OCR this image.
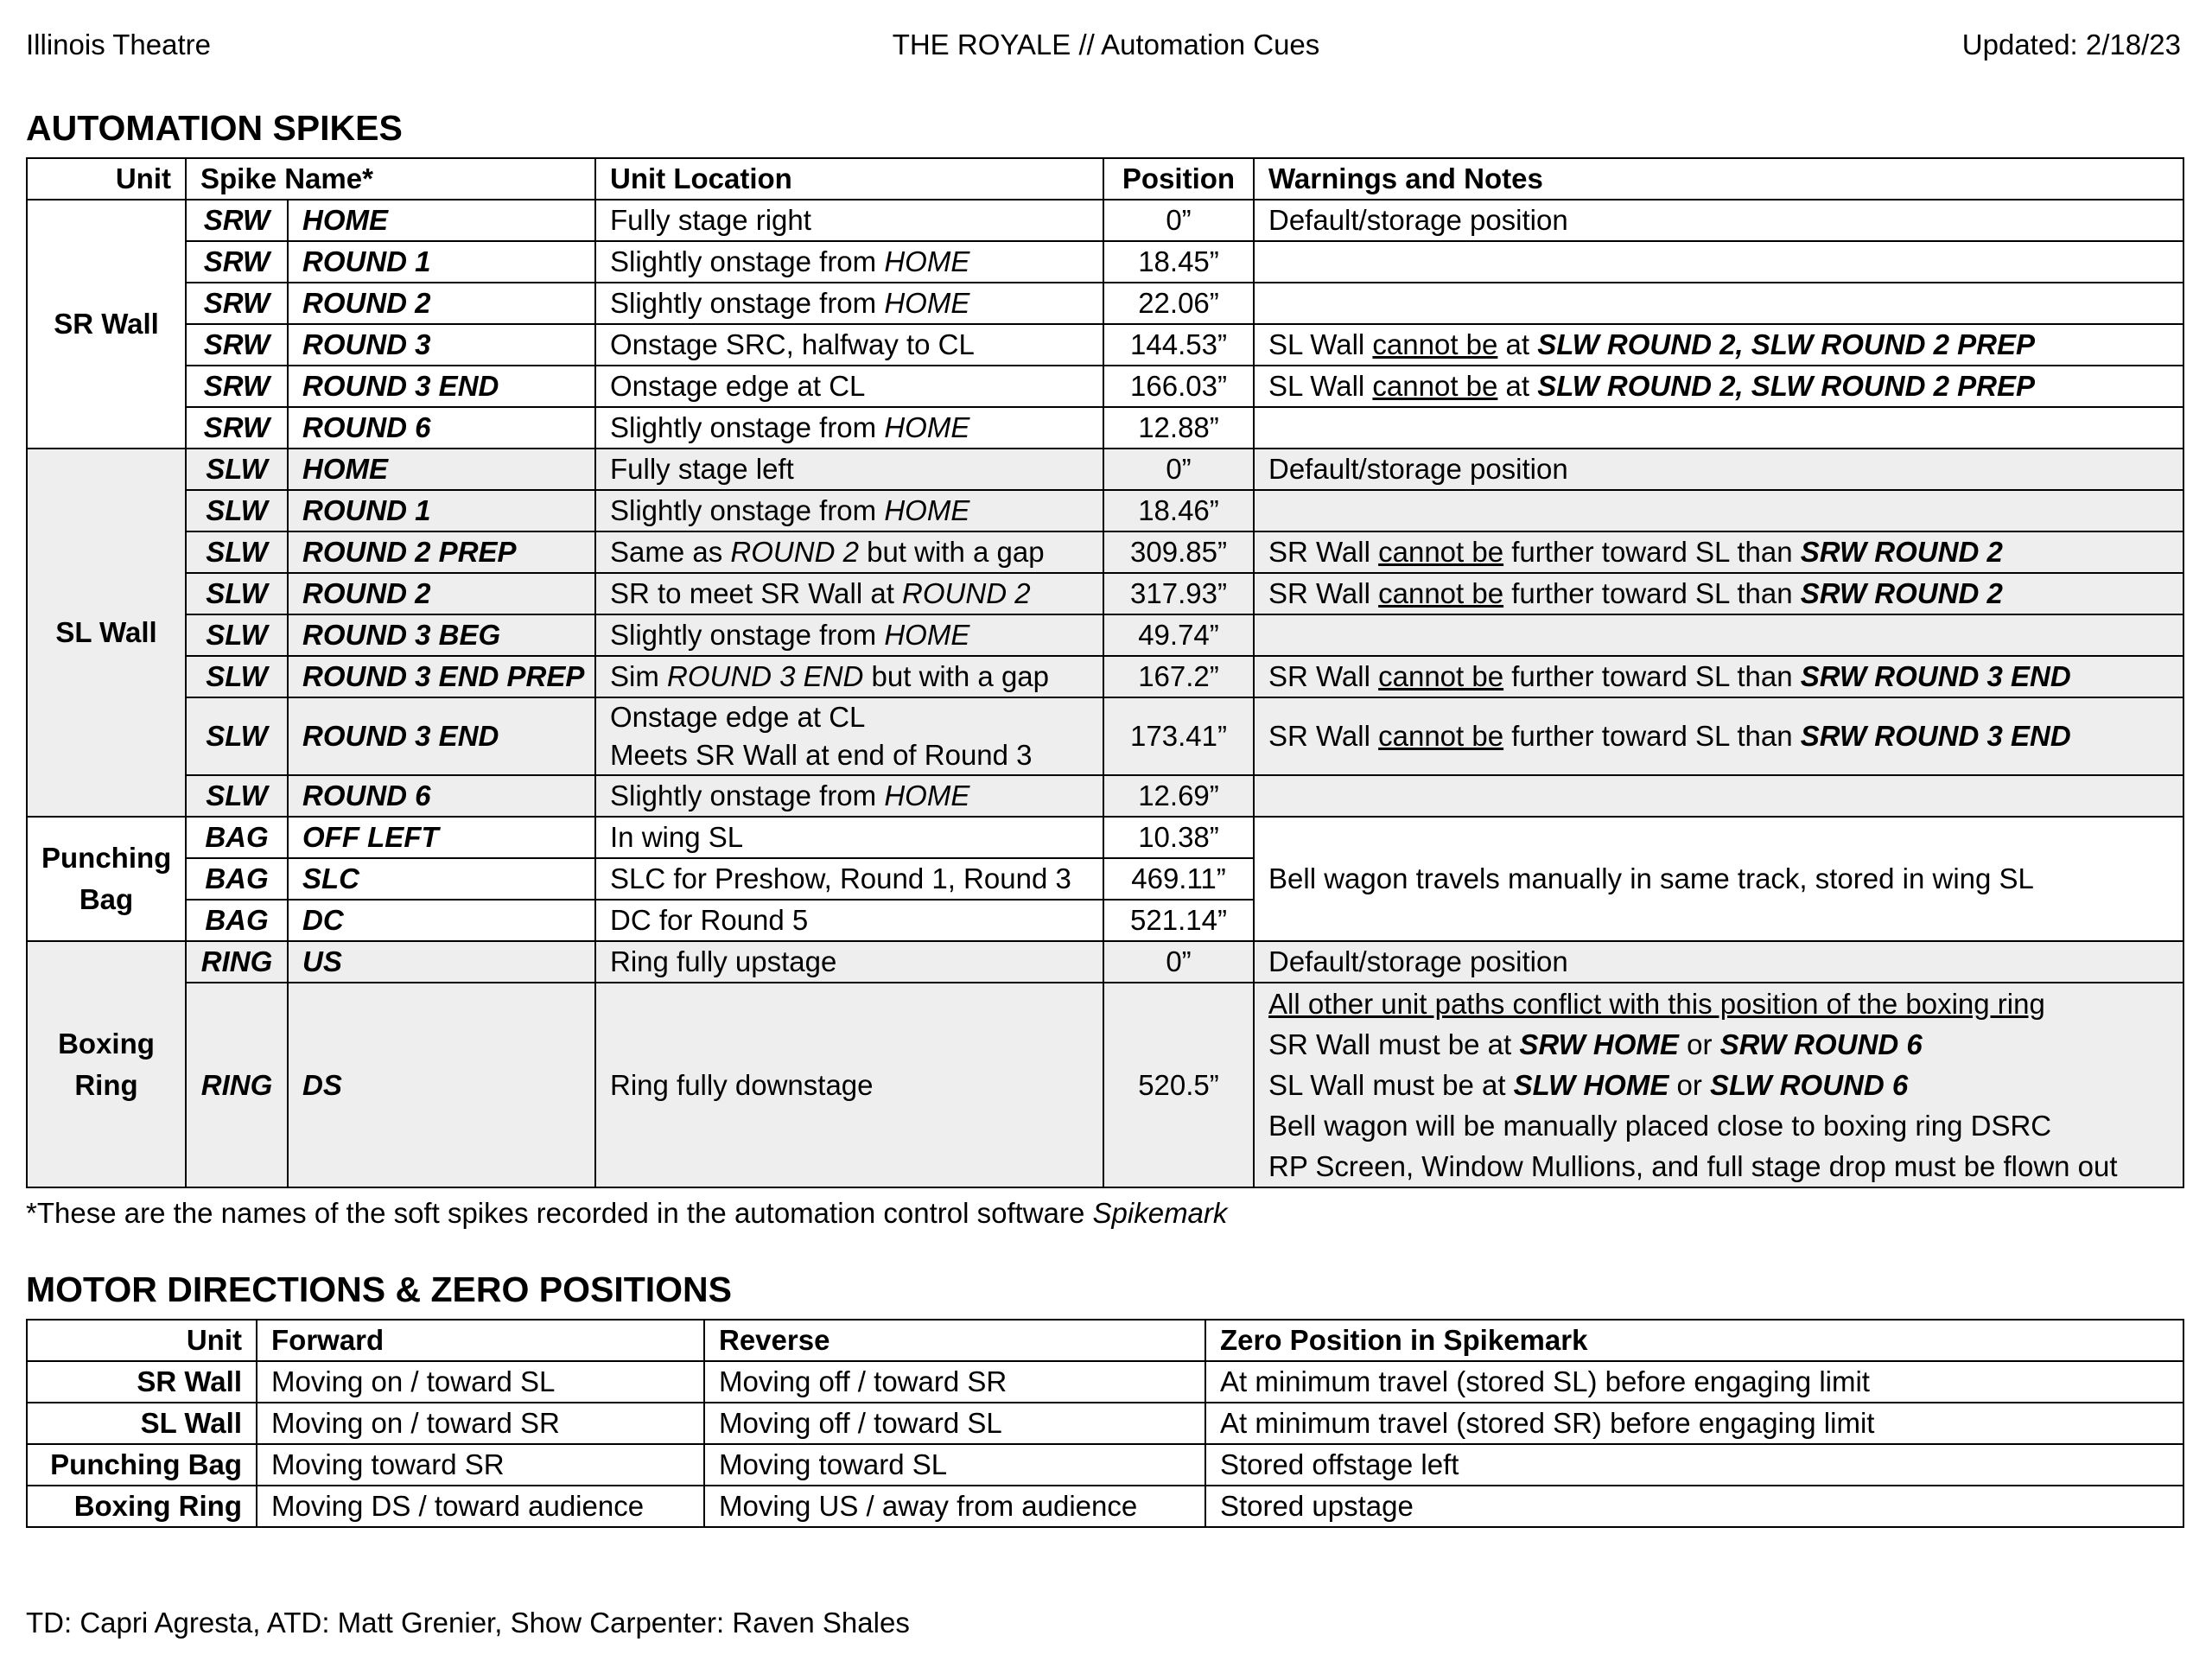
Illinois Theatre	THE ROYALE // Automation Cues	Updated: 2/18/23
AUTOMATION SPIKES
Unit	Spike Name*		Unit Location	Position	Warnings and Notes
SR Wall	SRW	HOME	Fully stage right	0”	Default/storage position
	SRW	ROUND 1	Slightly onstage from HOME	18.45”	
	SRW	ROUND 2	Slightly onstage from HOME	22.06”	
	SRW	ROUND 3	Onstage SRC, halfway to CL	144.53”	SL Wall cannot be at SLW ROUND 2, SLW ROUND 2 PREP
	SRW	ROUND 3 END	Onstage edge at CL	166.03”	SL Wall cannot be at SLW ROUND 2, SLW ROUND 2 PREP
	SRW	ROUND 6	Slightly onstage from HOME	12.88”	
SL Wall	SLW	HOME	Fully stage left	0”	Default/storage position
	SLW	ROUND 1	Slightly onstage from HOME	18.46”	
	SLW	ROUND 2 PREP	Same as ROUND 2 but with a gap	309.85”	SR Wall cannot be further toward SL than SRW ROUND 2
	SLW	ROUND 2	SR to meet SR Wall at ROUND 2	317.93”	SR Wall cannot be further toward SL than SRW ROUND 2
	SLW	ROUND 3 BEG	Slightly onstage from HOME	49.74”	
	SLW	ROUND 3 END PREP	Sim ROUND 3 END but with a gap	167.2”	SR Wall cannot be further toward SL than SRW ROUND 3 END
	SLW	ROUND 3 END	Onstage edge at CL
Meets SR Wall at end of Round 3	173.41”	SR Wall cannot be further toward SL than SRW ROUND 3 END
	SLW	ROUND 6	Slightly onstage from HOME	12.69”	
Punching Bag	BAG	OFF LEFT	In wing SL	10.38”	Bell wagon travels manually in same track, stored in wing SL
	BAG	SLC	SLC for Preshow, Round 1, Round 3	469.11”	
	BAG	DC	DC for Round 5	521.14”	
Boxing Ring	RING	US	Ring fully upstage	0”	Default/storage position
	RING	DS	Ring fully downstage	520.5”	All other unit paths conflict with this position of the boxing ring
SR Wall must be at SRW HOME or SRW ROUND 6
SL Wall must be at SLW HOME or SLW ROUND 6
Bell wagon will be manually placed close to boxing ring DSRC
RP Screen, Window Mullions, and full stage drop must be flown out
*These are the names of the soft spikes recorded in the automation control software Spikemark
MOTOR DIRECTIONS & ZERO POSITIONS
Unit	Forward	Reverse	Zero Position in Spikemark
SR Wall	Moving on / toward SL	Moving off / toward SR	At minimum travel (stored SL) before engaging limit
SL Wall	Moving on / toward SR	Moving off / toward SL	At minimum travel (stored SR) before engaging limit
Punching Bag	Moving toward SR	Moving toward SL	Stored offstage left
Boxing Ring	Moving DS / toward audience	Moving US / away from audience	Stored upstage
TD: Capri Agresta, ATD: Matt Grenier, Show Carpenter: Raven Shales
